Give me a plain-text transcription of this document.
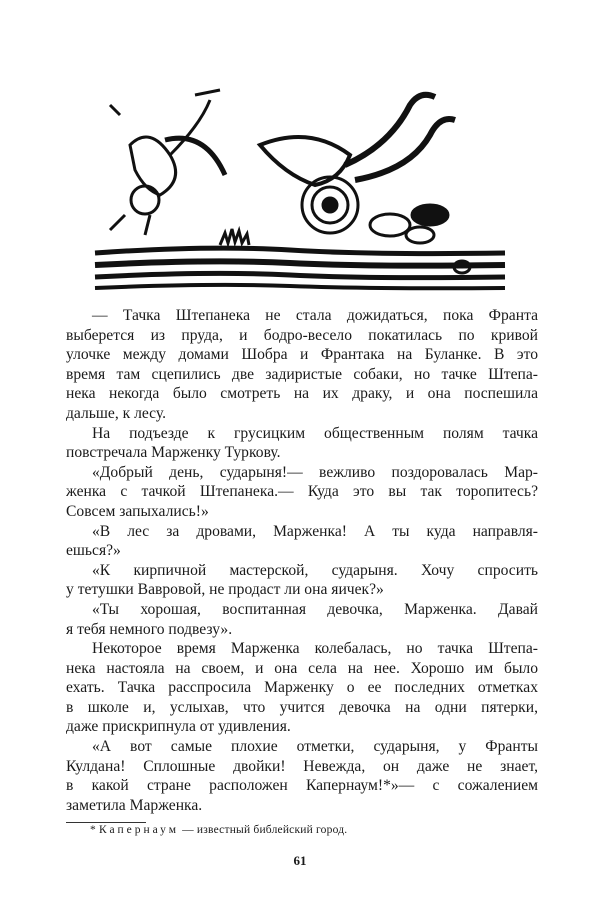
— Тачка Штепанека не стала дожидаться, пока Франта
выберется из пруда, и бодро-весело покатилась по кривой
улочке между домами Шобра и Франтака на Буланке. В это
время там сцепились две задиристые собаки, но тачке Штепа-
нека некогда было смотреть на их драку, и она поспешила
дальше, к лесу.
На подъезде к грусицким общественным полям тачка
повстречала Марженку Туркову.
«Добрый день, сударыня!— вежливо поздоровалась Мар-
женка с тачкой Штепанека.— Куда это вы так торопитесь?
Совсем запыхались!»
«В лес за дровами, Марженка! А ты куда направля-
ешься?»
«К кирпичной мастерской, сударыня. Хочу спросить
у тетушки Вавровой, не продаст ли она яичек?»
«Ты хорошая, воспитанная девочка, Марженка. Давай
я тебя немного подвезу».
Некоторое время Марженка колебалась, но тачка Штепа-
нека настояла на своем, и она села на нее. Хорошо им было
ехать. Тачка расспросила Марженку о ее последних отметках
в школе и, услыхав, что учится девочка на одни пятерки,
даже прискрипнула от удивления.
«А вот самые плохие отметки, сударыня, у Франты
Кулдана! Сплошные двойки! Невежда, он даже не знает,
в какой стране расположен Капернаум!*»— с сожалением
заметила Марженка.
* Капернаум — известный библейский город.
61
